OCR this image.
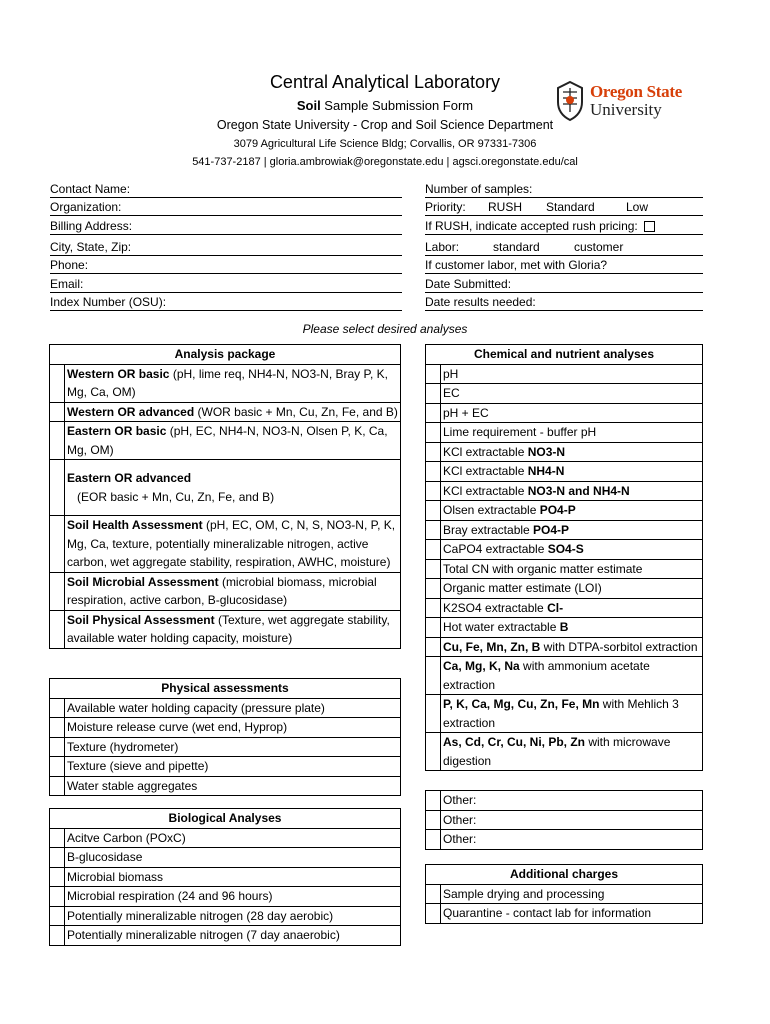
Central Analytical Laboratory
Soil Sample Submission Form
Oregon State University - Crop and Soil Science Department
3079 Agricultural Life Science Bldg; Corvallis, OR 97331-7306
541-737-2187 | gloria.ambrowiak@oregonstate.edu | agsci.oregonstate.edu/cal
Oregon State
University
Contact Name:
Organization:
Billing Address:
City, State, Zip:
Phone:
Email:
Index Number (OSU):
Number of samples:
Priority: RUSH Standard	Low
If RUSH, indicate accepted rush pricing:
Labor:	standard	customer
If customer labor, met with Gloria?
Date Submitted:
Date results needed:
Please select desired analyses
Analysis package	
	Western OR basic (pH, lime req, NH4-N, NO3-N, Bray P, K, Mg, Ca, OM)
	Western OR advanced (WOR basic + Mn, Cu, Zn, Fe, and B)
	Eastern OR basic (pH, EC, NH4-N, NO3-N, Olsen P, K, Ca, Mg, OM)
	Eastern OR advanced   (EOR basic + Mn, Cu, Zn, Fe, and B)
	Soil Health Assessment (pH, EC, OM, C, N, S, NO3-N, P, K, Mg, Ca, texture, potentially mineralizable nitrogen, active carbon, wet aggregate stability, respiration, AWHC, moisture)
	Soil Microbial Assessment (microbial biomass, microbial respiration, active carbon, B-glucosidase)
	Soil Physical Assessment (Texture, wet aggregate stability, available water holding capacity, moisture)
Physical assessments	
	Available water holding capacity (pressure plate)
	Moisture release curve (wet end, Hyprop)
	Texture (hydrometer)
	Texture (sieve and pipette)
	Water stable aggregates
Biological Analyses	
	Acitve Carbon (POxC)
	B-glucosidase
	Microbial biomass
	Microbial respiration (24 and 96 hours)
	Potentially mineralizable nitrogen (28 day aerobic)
	Potentially mineralizable nitrogen (7 day anaerobic)
Chemical and nutrient analyses	
	pH
	EC
	pH + EC
	Lime requirement - buffer pH
	KCl extractable NO3-N
	KCl extractable NH4-N
	KCl extractable NO3-N and NH4-N
	Olsen extractable PO4-P
	Bray extractable PO4-P
	CaPO4 extractable SO4-S
	Total CN with organic matter estimate
	Organic matter estimate (LOI)
	K2SO4 extractable Cl-
	Hot water extractable B
	Cu, Fe, Mn, Zn, B with DTPA-sorbitol extraction
	Ca, Mg, K, Na with ammonium acetate extraction
	P, K, Ca, Mg, Cu, Zn, Fe, Mn with Mehlich 3 extraction
	As, Cd, Cr, Cu, Ni, Pb, Zn with microwave digestion
	Other:
	Other:
	Other:
Additional charges	
	Sample drying and processing
	Quarantine - contact lab for information
